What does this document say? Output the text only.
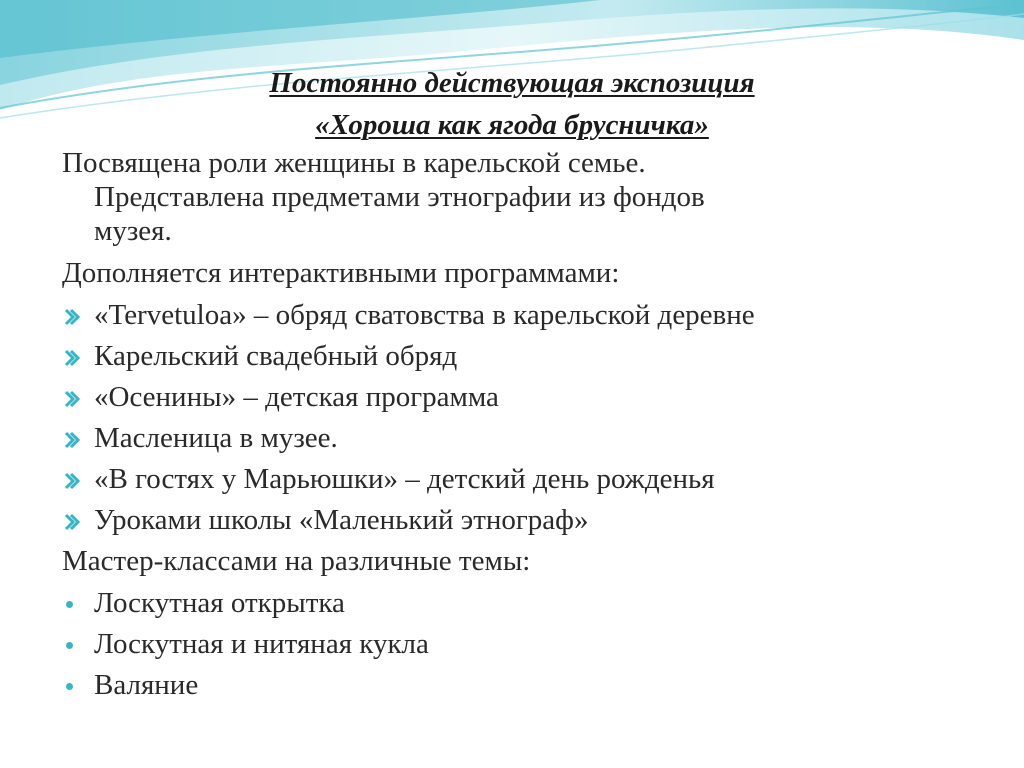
Постоянно действующая экспозиция
«Хороша как ягода брусничка»
Посвящена роли женщины в карельской семье.
Представлена предметами этнографии из фондов
музея.
Дополняется интерактивными программами:
«Tervetuloa» – обряд сватовства в карельской деревне
Карельский свадебный обряд
«Осенины» – детская программа
Масленица в музее.
«В гостях у Марьюшки» – детский день рожденья
Уроками школы «Маленький этнограф»
Мастер-классами на различные темы:
Лоскутная открытка
Лоскутная и нитяная кукла
Валяние
